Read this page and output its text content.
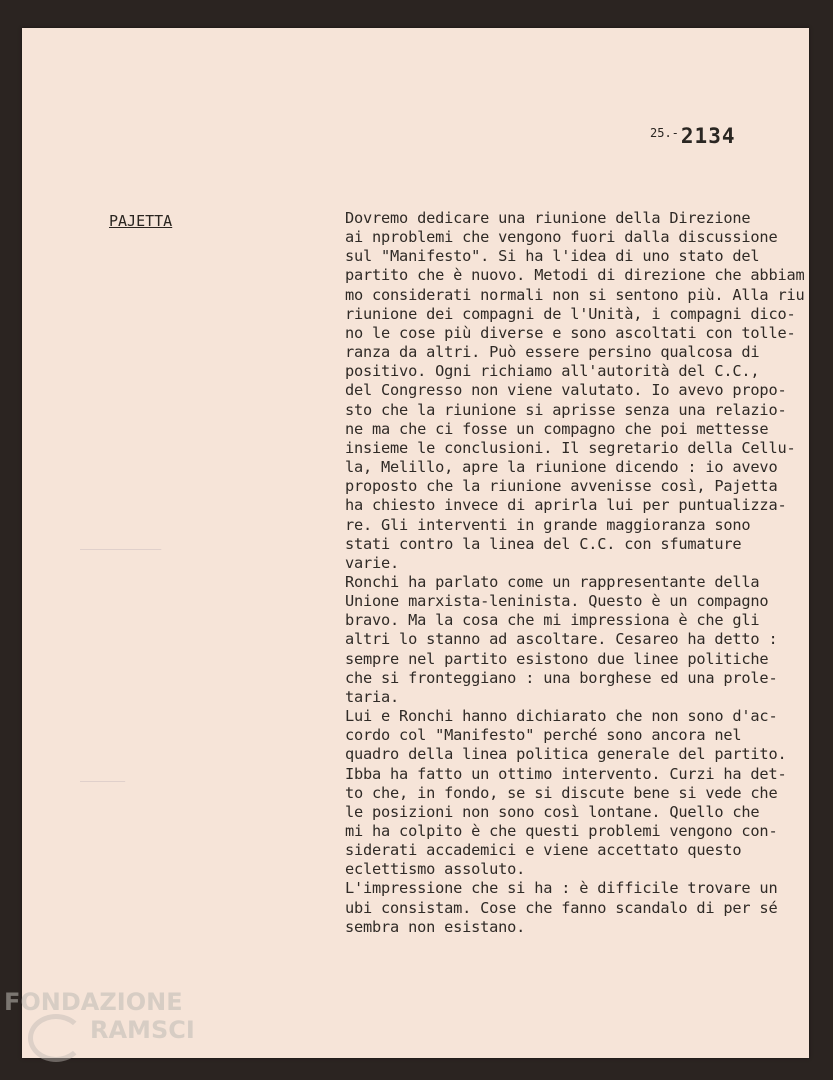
$^{25.-}$2134
PAJETTA	Dovremo dedicare una riunione della Direzione
ai nproblemi che vengono fuori dalla discussione
sul "Manifesto". Si ha l'idea di uno stato del
partito che è nuovo. Metodi di direzione che abbiam
mo considerati normali non si sentono più. Alla riu
riunione dei compagni de l'Unità, i compagni dico-
no le cose più diverse e sono ascoltati con tolle-
ranza da altri. Può essere persino qualcosa di
positivo. Ogni richiamo all'autorità del C.C.,
del Congresso non viene valutato. Io avevo propo-
sto che la riunione si aprisse senza una relazio-
ne ma che ci fosse un compagno che poi mettesse
insieme le conclusioni. Il segretario della Cellu-
la, Melillo, apre la riunione dicendo : io avevo
proposto che la riunione avvenisse così, Pajetta
ha chiesto invece di aprirla lui per puntualizza-
re. Gli interventi in grande maggioranza sono
stati contro la linea del C.C. con sfumature
varie.
Ronchi ha parlato come un rappresentante della
Unione marxista-leninista. Questo è un compagno
bravo. Ma la cosa che mi impressiona è che gli
altri lo stanno ad ascoltare. Cesareo ha detto :
sempre nel partito esistono due linee politiche
che si fronteggiano : una borghese ed una prole-
taria.
Lui e Ronchi hanno dichiarato che non sono d'ac-
cordo col "Manifesto" perché sono ancora nel
quadro della linea politica generale del partito.
Ibba ha fatto un ottimo intervento. Curzi ha det-
to che, in fondo, se si discute bene si vede che
le posizioni non sono così lontane. Quello che
mi ha colpito è che questi problemi vengono con-
siderati accademici e viene accettato questo
eclettismo assoluto.
L'impressione che si ha : è difficile trovare un
ubi consistam. Cose che fanno scandalo di per sé
sembra non esistano.
FONDAZIONE
RAMSCI
